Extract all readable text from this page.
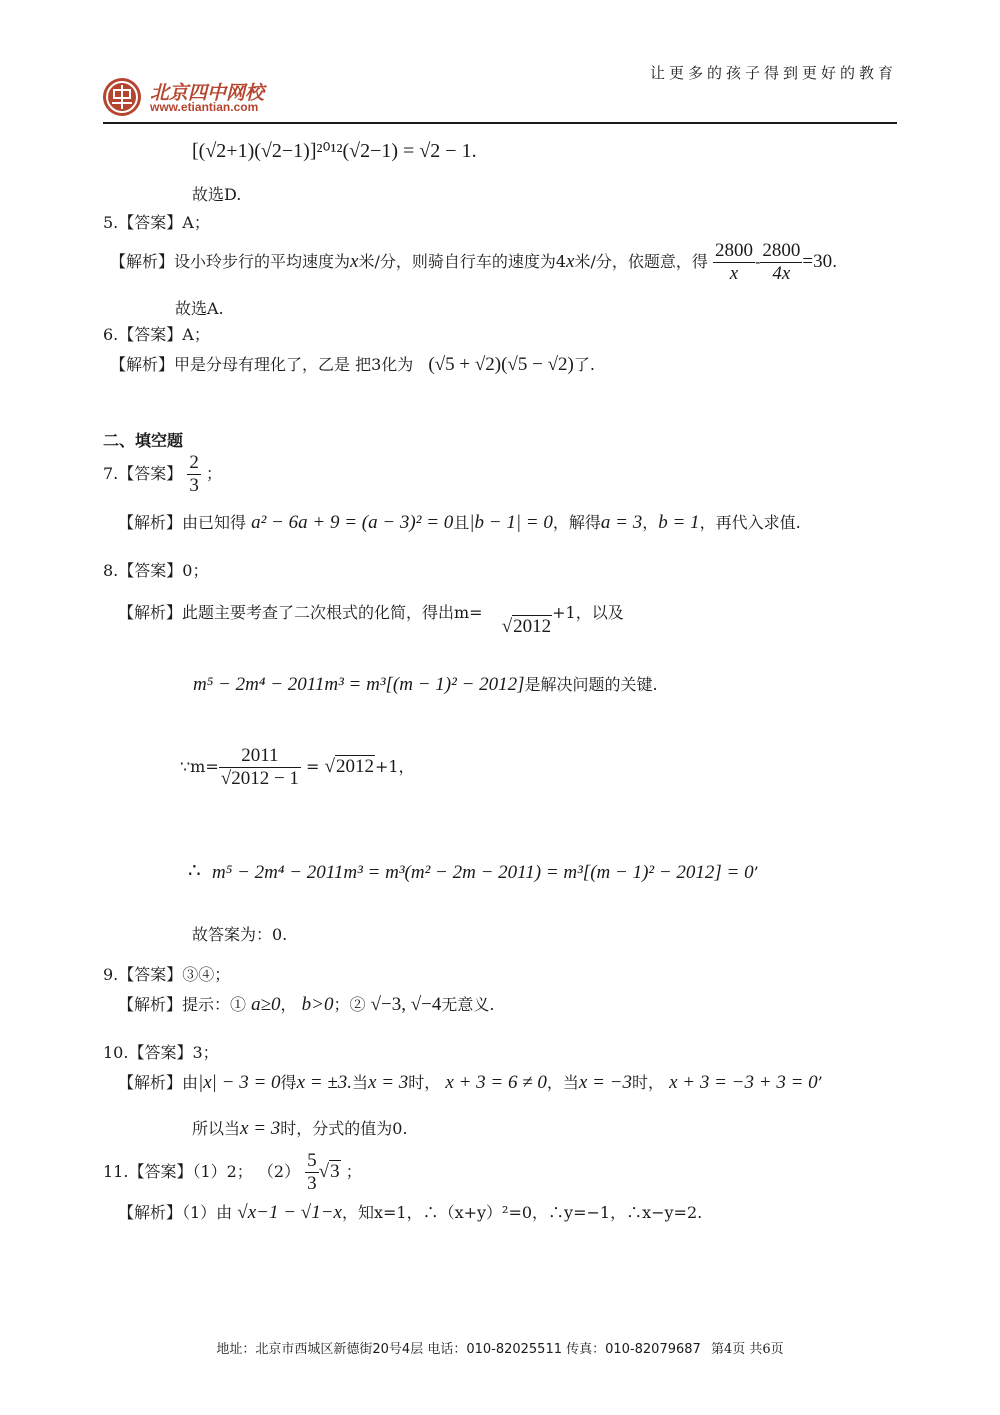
北京四中网校
www.etiantian.com
让更多的孩子得到更好的教育
[(√2+1)(√2−1)]²⁰¹²(√2−1) = √2 − 1.
故选D.
5.【答案】A；
【解析】设小玲步行的平均速度为x米/分，则骑自行车的速度为4x米/分，依题意，得 $\frac{2800}{x} - \frac{2800}{4x} =30$.
故选A.
6.【答案】A；
【解析】甲是分母有理化了，乙是 把3化为 (√5 + √2)(√5 − √2)了.
二、填空题
7.【答案】 $\frac{2}{3}$ ；
【解析】由已知得 a² − 6a + 9 = (a − 3)² = 0且|b − 1| = 0，解得a = 3，b = 1，再代入求值.
8.【答案】0；
【解析】此题主要考查了二次根式的化简，得出m= √2012+1，以及
m⁵ − 2m⁴ − 2011m³ = m³[(m − 1)² − 2012]是解决问题的关键.
∵m= $\frac{2011}{√2012 - 1} = √2012+1$，
∴ m⁵ − 2m⁴ − 2011m³ = m³(m² − 2m − 2011) = m³[(m − 1)² − 2012] = 0’
故答案为：0.
9.【答案】③④；
【解析】提示：① a≥0， b>0；② √−3, √−4无意义.
10.【答案】3；
【解析】由|x| − 3 = 0得x = ±3.当x = 3时， x + 3 = 6 ≠ 0，当x = −3时， x + 3 = −3 + 3 = 0’
所以当x = 3时，分式的值为0.
11.【答案】（1）2； $(2) \frac{5}{3} √3$ ；
【解析】（1）由 √x−1 − √1−x，知x=1，∴（x+y）²=0，∴y=−1，∴x−y=2.
地址：北京市西城区新德街20号4层 电话：010-82025511 传真：010-82079687 第4页 共6页
